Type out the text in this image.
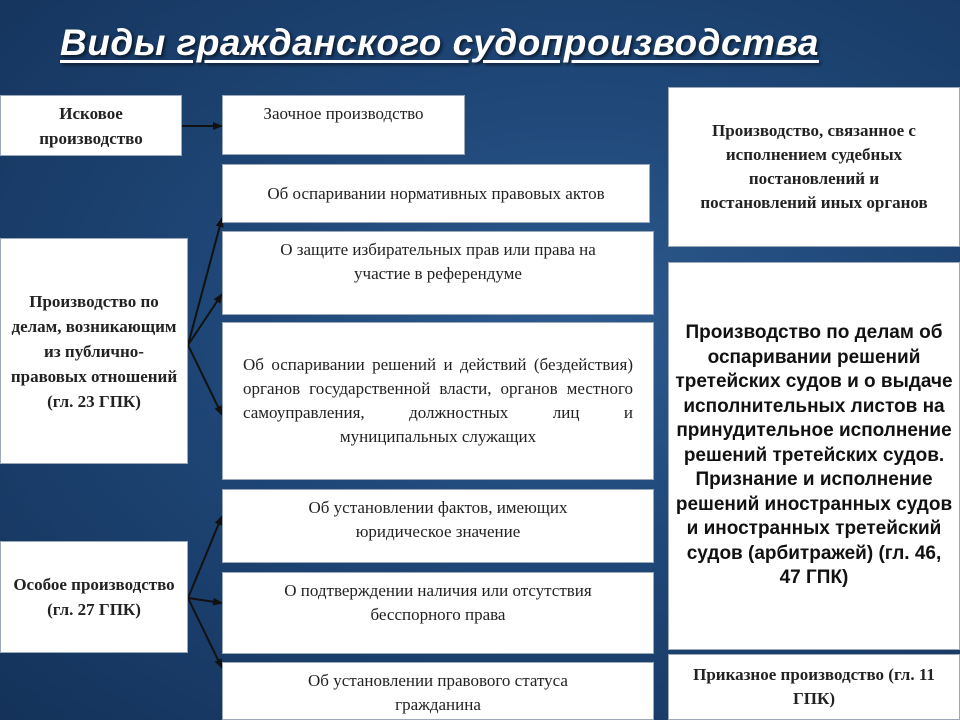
Виды гражданского судопроизводства
Исковое производство
Производство по делам, возникающим из публично-правовых отношений (гл. 23 ГПК)
Особое производство (гл. 27 ГПК)
Заочное производство
Об оспаривании нормативных правовых актов
О защите избирательных прав или права на участие в референдуме
Об оспаривании решений и действий (бездействия) органов государственной власти, органов местного самоуправления, должностных лиц и муниципальных служащих
Об установлении фактов, имеющих юридическое значение
О подтверждении наличия или отсутствия бесспорного права
Об установлении правового статуса гражданина
Производство, связанное с исполнением судебных постановлений и постановлений иных органов
Производство по делам об оспаривании решений третейских судов и о выдаче исполнительных листов на принудительное исполнение решений третейских судов. Признание и исполнение решений иностранных судов и иностранных третейский судов (арбитражей) (гл. 46, 47 ГПК)
Приказное производство (гл. 11 ГПК)
